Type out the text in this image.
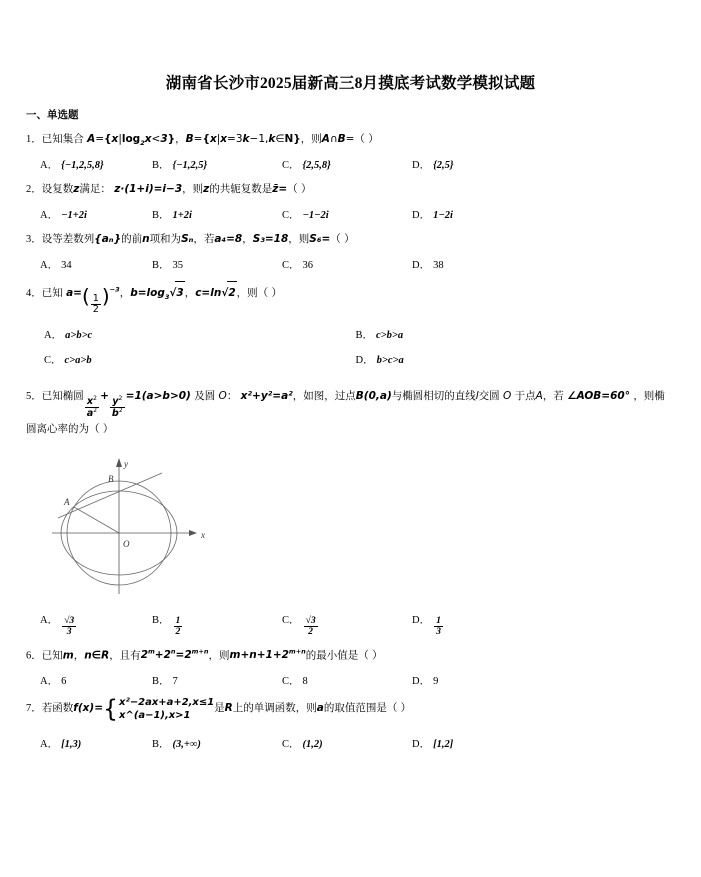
湖南省长沙市2025届新高三8月摸底考试数学模拟试题
一、单选题
1．已知集合 $A=\{x|\log_2x<3\}$，B={x|x=3k−1,k∈N}，则A∩B=（ ）
A． {−1,2,5,8}	B． {−1,2,5}	C． {2,5,8}	D． {2,5}
2．设复数z满足： z·(1+i)=i−3，则z的共轭复数是z̄=（ ）
A． −1+2i	B． 1+2i	C． −1−2i	D． 1−2i
3．设等差数列{aₙ}的前n项和为Sₙ，若a₄=8，S₃=18，则S₆=（ ）
A． 34	B． 35	C． 36	D． 38
4．已知 $a=( \frac{1}{2} )^{-3}$，$b=\log_3√3$，c=ln√2，则（ ）
A． a>b>c	B． c>b>a
C． c>a>b	D． b>c>a
5．已知椭圆 $\frac{x^2}{a^2} + \frac{y^2}{b^2} =1(a>b>0)$ 及圆 O： x²+y²=a²，如图，过点B(0,a)与椭圆相切的直线l交圆 O 于点A，若 ∠AOB=60° ，则椭圆离心率的为（ ）
x
y
O
A
B
A． $\frac{√3}{3}$	B． $\frac{1}{2}$	C． $\frac{√3}{2}$	D． $\frac{1}{3}$
6．已知m，n∈R，且有$2^m+2^n=2^{m+n}$，则$m+n+1+2^{m+n}$的最小值是（ ）
A． 6	B． 7	C． 8	D． 9
7．若函数f(x)= { x²−2ax+a+2,x≤1
x^(a−1),x>1
是R上的单调函数，则a的取值范围是（ ）
A． [1,3)	B． (3,+∞)	C． (1,2)	D． [1,2]
